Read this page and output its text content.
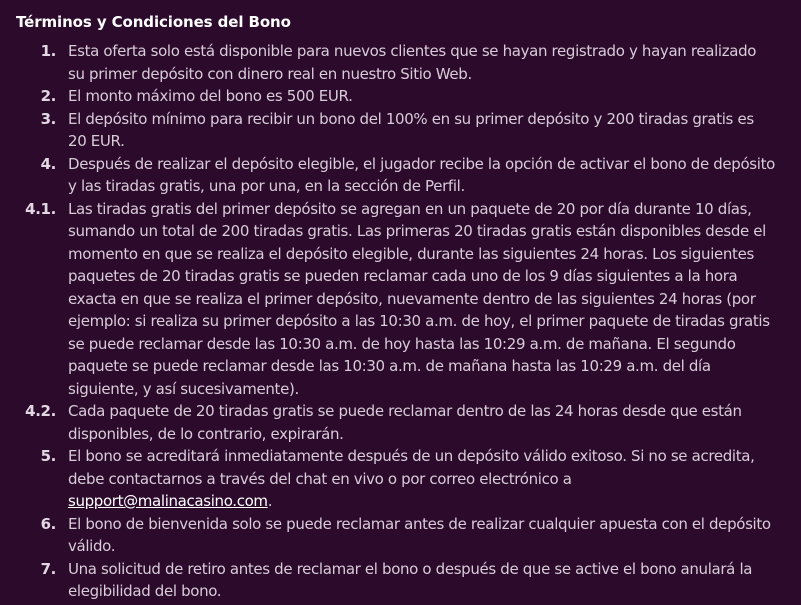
Términos y Condiciones del Bono
1. Esta oferta solo está disponible para nuevos clientes que se hayan registrado y hayan realizado su primer depósito con dinero real en nuestro Sitio Web.
2. El monto máximo del bono es 500 EUR.
3. El depósito mínimo para recibir un bono del 100% en su primer depósito y 200 tiradas gratis es 20 EUR.
4. Después de realizar el depósito elegible, el jugador recibe la opción de activar el bono de depósito y las tiradas gratis, una por una, en la sección de Perfil.
4.1. Las tiradas gratis del primer depósito se agregan en un paquete de 20 por día durante 10 días, sumando un total de 200 tiradas gratis. Las primeras 20 tiradas gratis están disponibles desde el momento en que se realiza el depósito elegible, durante las siguientes 24 horas. Los siguientes paquetes de 20 tiradas gratis se pueden reclamar cada uno de los 9 días siguientes a la hora exacta en que se realiza el primer depósito, nuevamente dentro de las siguientes 24 horas (por ejemplo: si realiza su primer depósito a las 10:30 a.m. de hoy, el primer paquete de tiradas gratis se puede reclamar desde las 10:30 a.m. de hoy hasta las 10:29 a.m. de mañana. El segundo paquete se puede reclamar desde las 10:30 a.m. de mañana hasta las 10:29 a.m. del día siguiente, y así sucesivamente).
4.2. Cada paquete de 20 tiradas gratis se puede reclamar dentro de las 24 horas desde que están disponibles, de lo contrario, expirarán.
5. El bono se acreditará inmediatamente después de un depósito válido exitoso. Si no se acredita, debe contactarnos a través del chat en vivo o por correo electrónico a support@malinacasino.com.
6. El bono de bienvenida solo se puede reclamar antes de realizar cualquier apuesta con el depósito válido.
7. Una solicitud de retiro antes de reclamar el bono o después de que se active el bono anulará la elegibilidad del bono.
